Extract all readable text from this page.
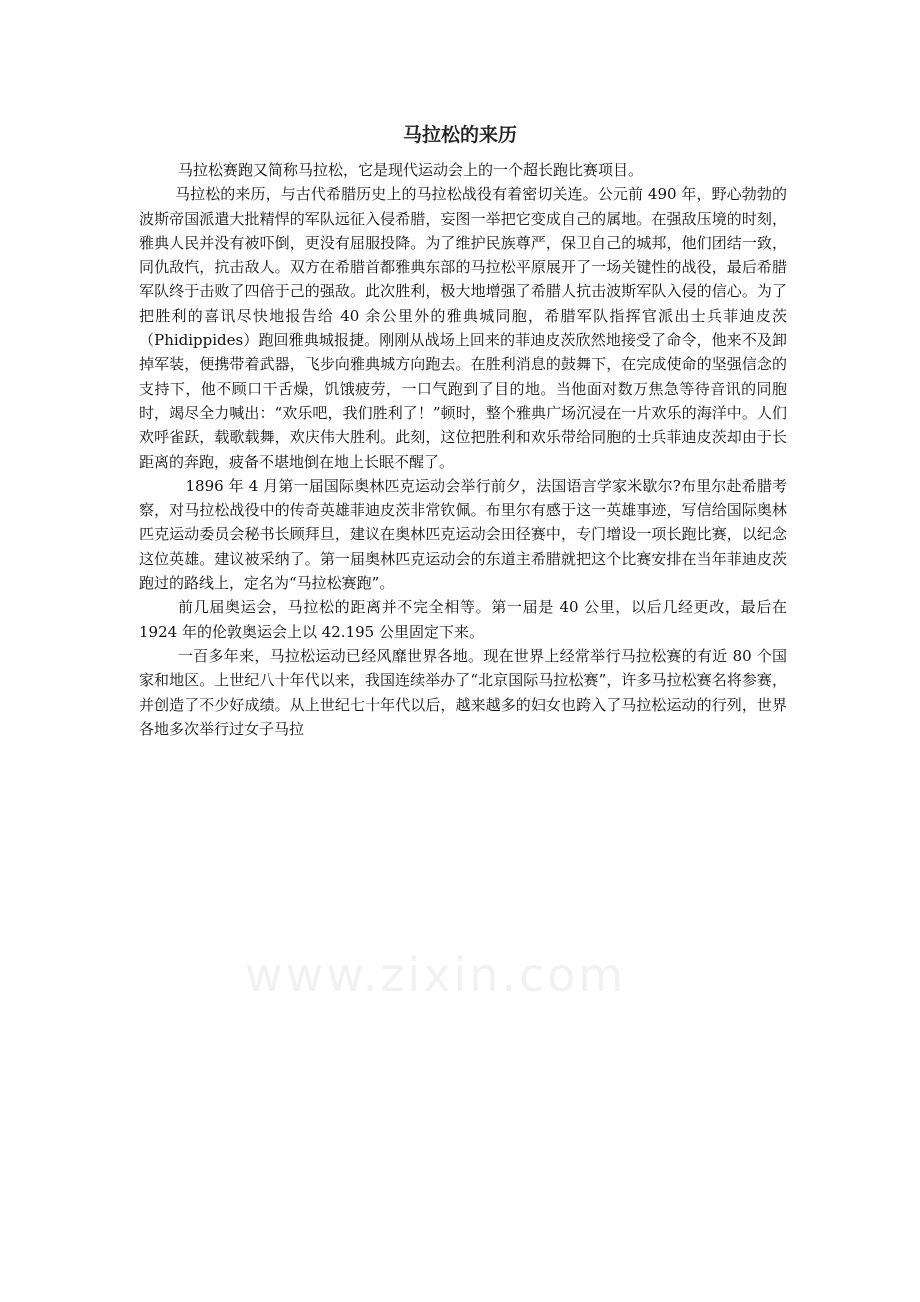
马拉松的来历

马拉松赛跑又简称马拉松，它是现代运动会上的一个超长跑比赛项目。

马拉松的来历，与古代希腊历史上的马拉松战役有着密切关连。公元前 490 年，野心勃勃的波斯帝国派遣大批精悍的军队远征入侵希腊，妄图一举把它变成自己的属地。在强敌压境的时刻，雅典人民并没有被吓倒，更没有屈服投降。为了维护民族尊严，保卫自己的城邦，他们团结一致，同仇敌忾，抗击敌人。双方在希腊首都雅典东部的马拉松平原展开了一场关键性的战役，最后希腊军队终于击败了四倍于己的强敌。此次胜利，极大地增强了希腊人抗击波斯军队入侵的信心。为了把胜利的喜讯尽快地报告给 40 余公里外的雅典城同胞，希腊军队指挥官派出士兵菲迪皮茨（Phidippides）跑回雅典城报捷。刚刚从战场上回来的菲迪皮茨欣然地接受了命令，他来不及卸掉军装，便携带着武器，飞步向雅典城方向跑去。在胜利消息的鼓舞下，在完成使命的坚强信念的支持下，他不顾口干舌燥，饥饿疲劳，一口气跑到了目的地。当他面对数万焦急等待音讯的同胞时，竭尽全力喊出：“欢乐吧，我们胜利了！”顿时，整个雅典广场沉浸在一片欢乐的海洋中。人们欢呼雀跃，载歌载舞，欢庆伟大胜利。此刻，这位把胜利和欢乐带给同胞的士兵菲迪皮茨却由于长距离的奔跑，疲备不堪地倒在地上长眠不醒了。

1896 年 4 月第一届国际奥林匹克运动会举行前夕，法国语言学家米歇尔?布里尔赴希腊考察，对马拉松战役中的传奇英雄菲迪皮茨非常钦佩。布里尔有感于这一英雄事迹，写信给国际奥林匹克运动委员会秘书长顾拜旦，建议在奥林匹克运动会田径赛中，专门增设一项长跑比赛，以纪念这位英雄。建议被采纳了。第一届奥林匹克运动会的东道主希腊就把这个比赛安排在当年菲迪皮茨跑过的路线上，定名为“马拉松赛跑”。

前几届奥运会，马拉松的距离并不完全相等。第一届是 40 公里，以后几经更改，最后在 1924 年的伦敦奥运会上以 42.195 公里固定下来。

一百多年来，马拉松运动已经风靡世界各地。现在世界上经常举行马拉松赛的有近 80 个国家和地区。上世纪八十年代以来，我国连续举办了“北京国际马拉松赛”，许多马拉松赛名将参赛，并创造了不少好成绩。从上世纪七十年代以后，越来越多的妇女也跨入了马拉松运动的行列，世界各地多次举行过女子马拉

www.zixin.com
